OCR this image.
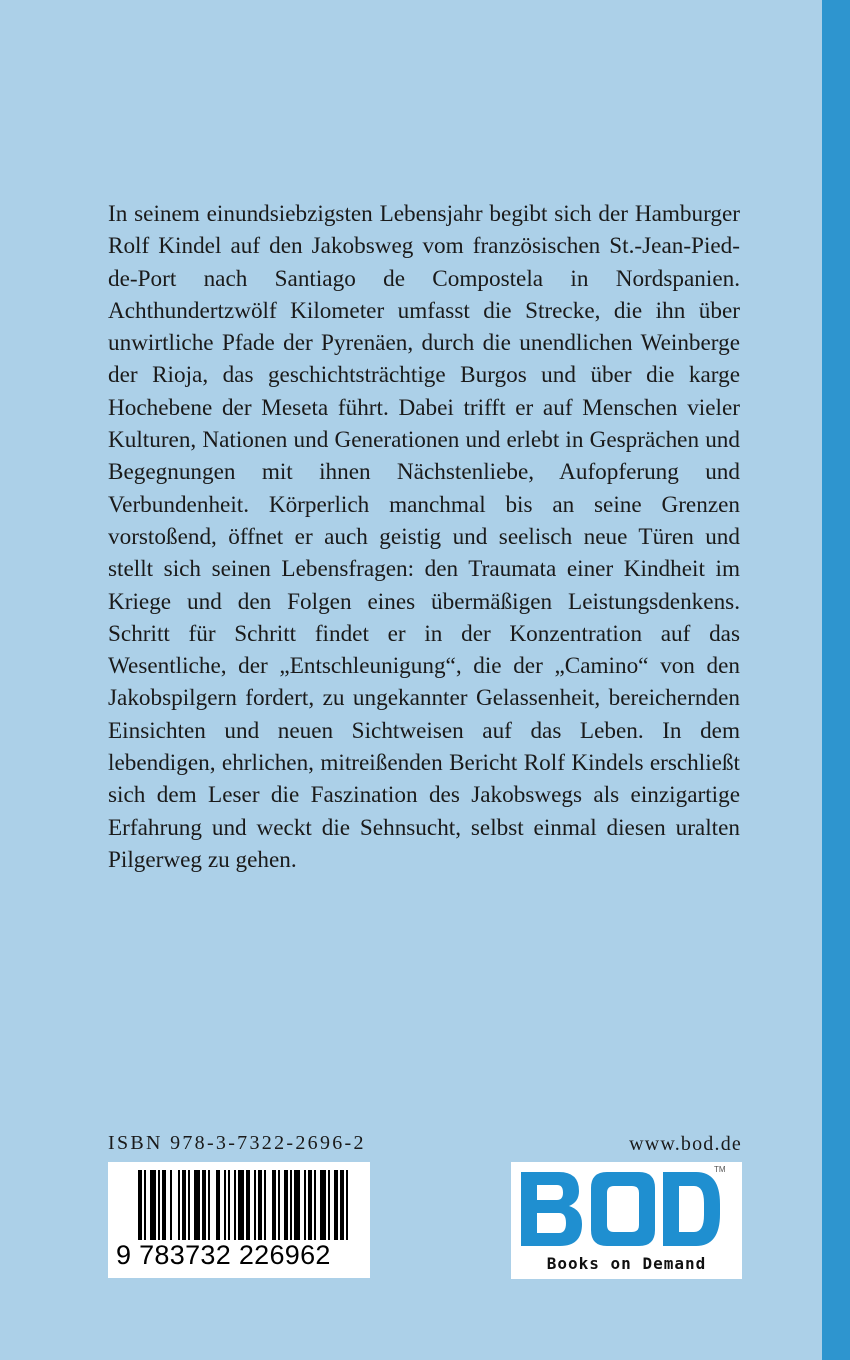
In seinem einundsiebzigsten Lebensjahr begibt sich der Hamburger Rolf Kindel auf den Jakobsweg vom französischen St.-Jean-Pied-de-Port nach Santiago de Compostela in Nordspanien. Achthundertzwölf Kilometer umfasst die Strecke, die ihn über unwirtliche Pfade der Pyrenäen, durch die unendlichen Weinberge der Rioja, das geschichtsträchtige Burgos und über die karge Hochebene der Meseta führt. Dabei trifft er auf Menschen vieler Kulturen, Nationen und Generationen und erlebt in Gesprächen und Begegnungen mit ihnen Nächstenliebe, Aufopferung und Verbundenheit. Körperlich manchmal bis an seine Grenzen vorstoßend, öffnet er auch geistig und seelisch neue Türen und stellt sich seinen Lebensfragen: den Traumata einer Kindheit im Kriege und den Folgen eines übermäßigen Leistungsdenkens. Schritt für Schritt findet er in der Konzentration auf das Wesentliche, der „Entschleunigung“, die der „Camino“ von den Jakobspilgern fordert, zu ungekannter Gelassenheit, bereichernden Einsichten und neuen Sichtweisen auf das Leben. In dem lebendigen, ehrlichen, mitreißenden Bericht Rolf Kindels erschließt sich dem Leser die Faszination des Jakobswegs als einzigartige Erfahrung und weckt die Sehnsucht, selbst einmal diesen uralten Pilgerweg zu gehen.

ISBN 978-3-7322-2696-2	www.bod.de
9 783732 226962
TM
Books on Demand
